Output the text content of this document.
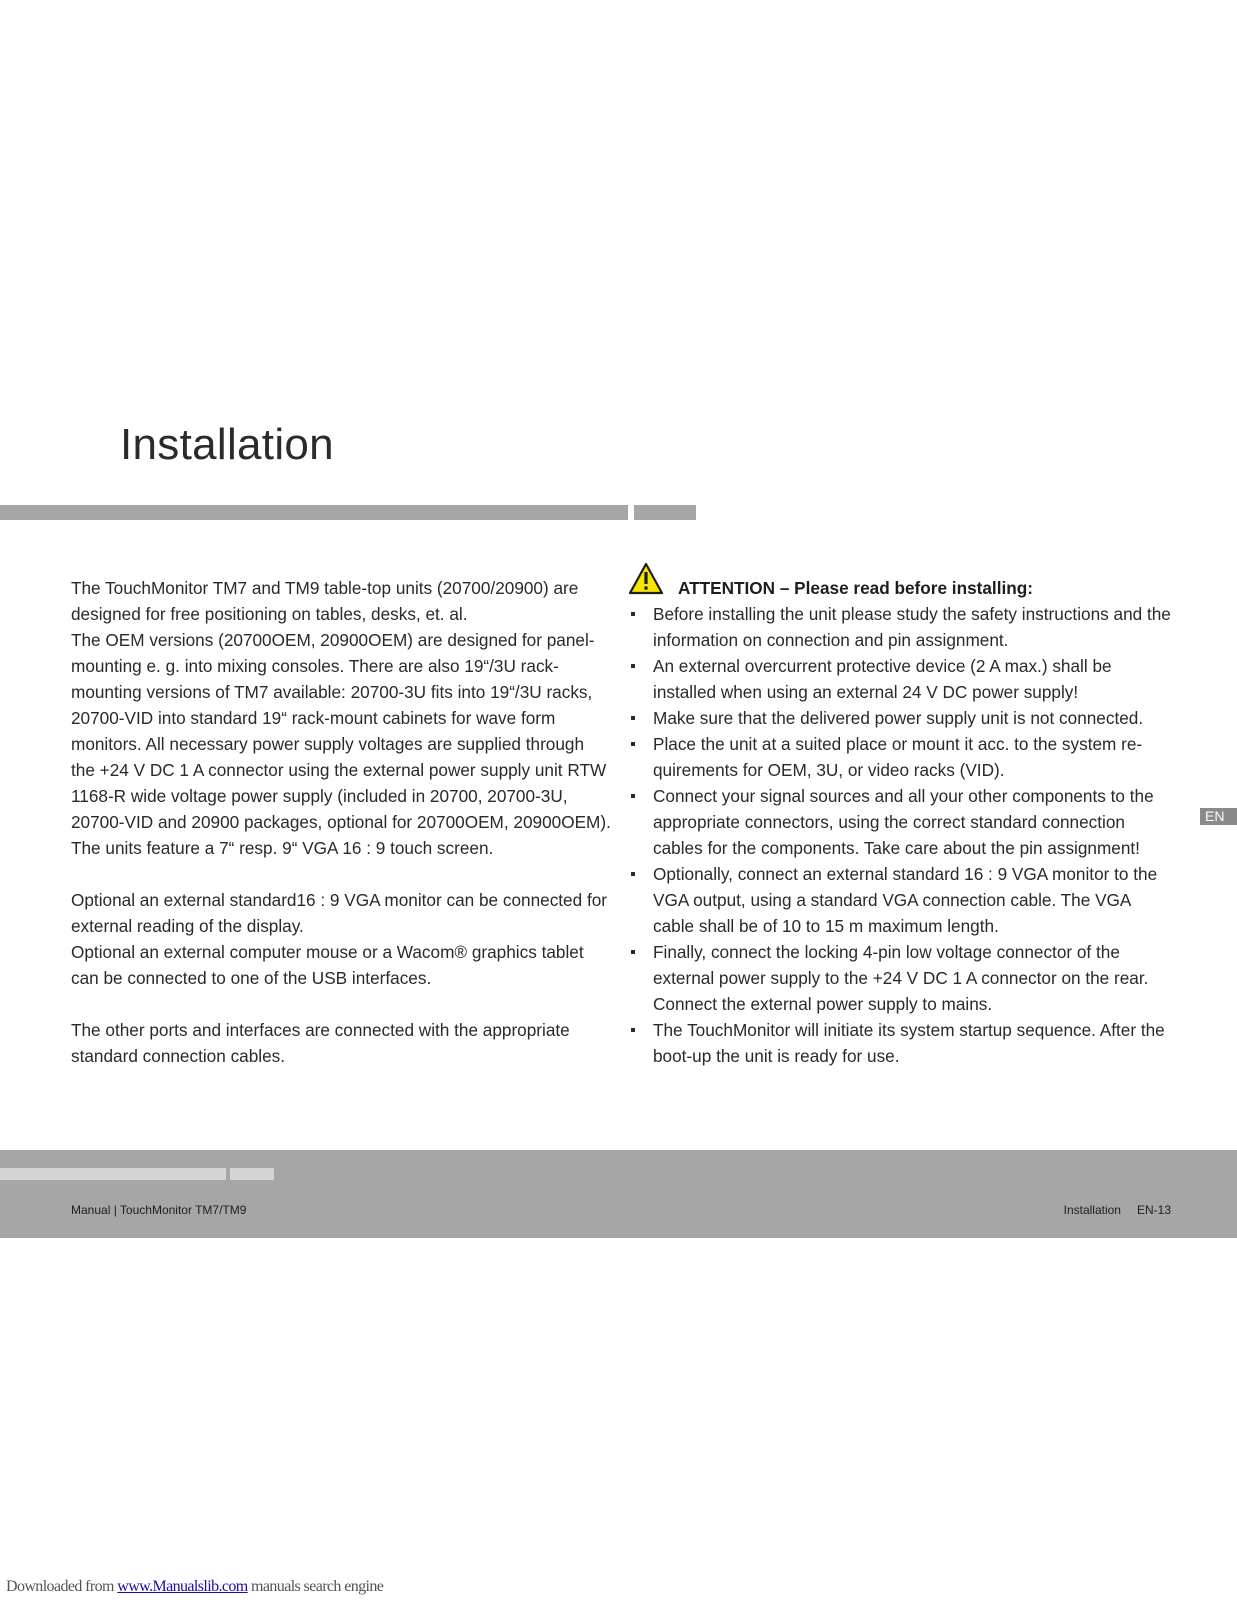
Installation

The TouchMonitor TM7 and TM9 table-top units (20700/20900) are designed for free positioning on tables, desks, et. al.

The OEM versions (20700OEM, 20900OEM) are designed for panel-mounting e. g. into mixing consoles. There are also 19“/3U rack-mounting versions of TM7 available: 20700-3U fits into 19“/3U racks, 20700-VID into standard 19“ rack-mount cabinets for wave form monitors. All necessary power supply voltages are supplied through the +24 V DC 1 A connector using the external power supply unit RTW 1168-R wide voltage power supply (included in 20700, 20700-3U, 20700-VID and 20900 packages, optional for 20700OEM, 20900OEM). The units feature a 7“ resp. 9“ VGA 16 : 9 touch screen.

Optional an external standard16 : 9 VGA monitor can be connected for external reading of the display.

Optional an external computer mouse or a Wacom® graphics tablet can be connected to one of the USB interfaces.

The other ports and interfaces are connected with the appropriate standard connection cables.

ATTENTION – Please read before installing:
Before installing the unit please study the safety instructions and the information on connection and pin assignment.
An external overcurrent protective device (2 A max.) shall be installed when using an external 24 V DC power supply!
Make sure that the delivered power supply unit is not connected.
Place the unit at a suited place or mount it acc. to the system re-quirements for OEM, 3U, or video racks (VID).
Connect your signal sources and all your other components to the appropriate connectors, using the correct standard connection cables for the components. Take care about the pin assignment!
Optionally, connect an external standard 16 : 9 VGA monitor to the VGA output, using a standard VGA connection cable. The VGA cable shall be of 10 to 15 m maximum length.
Finally, connect the locking 4-pin low voltage connector of the external power supply to the +24 V DC 1 A connector on the rear. Connect the external power supply to mains.
The TouchMonitor will initiate its system startup sequence. After the boot-up the unit is ready for use.
EN
Manual | TouchMonitor TM7/TM9	Installation EN-13
Downloaded from www.Manualslib.com manuals search engine
